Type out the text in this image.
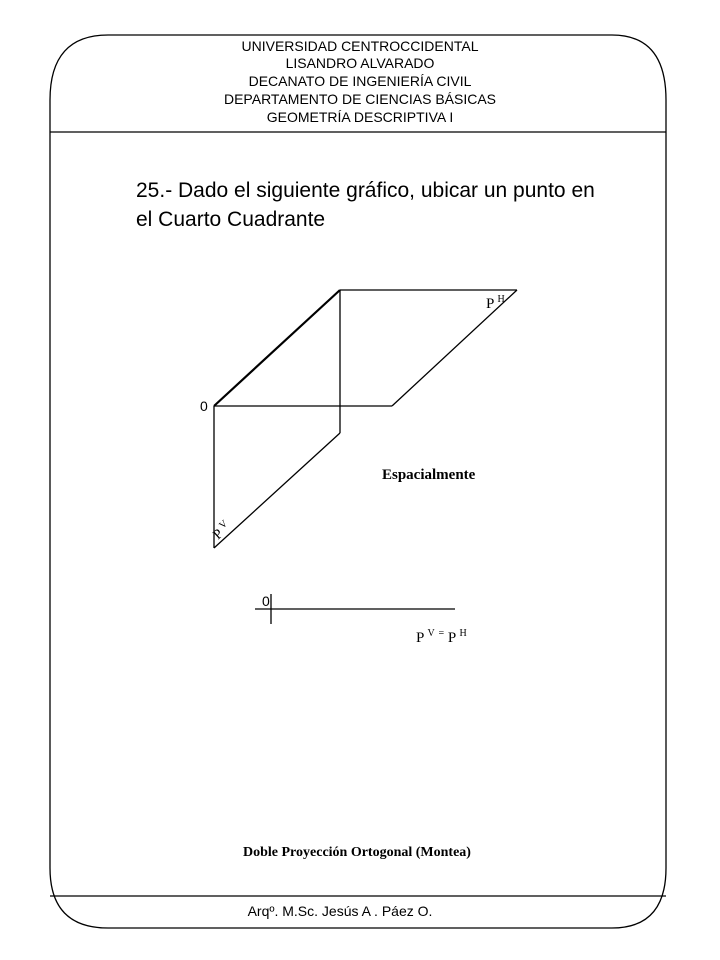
UNIVERSIDAD CENTROCCIDENTAL
LISANDRO ALVARADO
DECANATO DE INGENIERÍA CIVIL
DEPARTAMENTO DE CIENCIAS BÁSICAS
GEOMETRÍA DESCRIPTIVA I
25.- Dado el siguiente gráfico, ubicar un punto en el Cuarto Cuadrante
0
P $^H$
P $^V$
Espacialmente
0
P $^V$ = P $^H$
Doble Proyección Ortogonal (Montea)
Arqº. M.Sc. Jesús A . Páez O.
